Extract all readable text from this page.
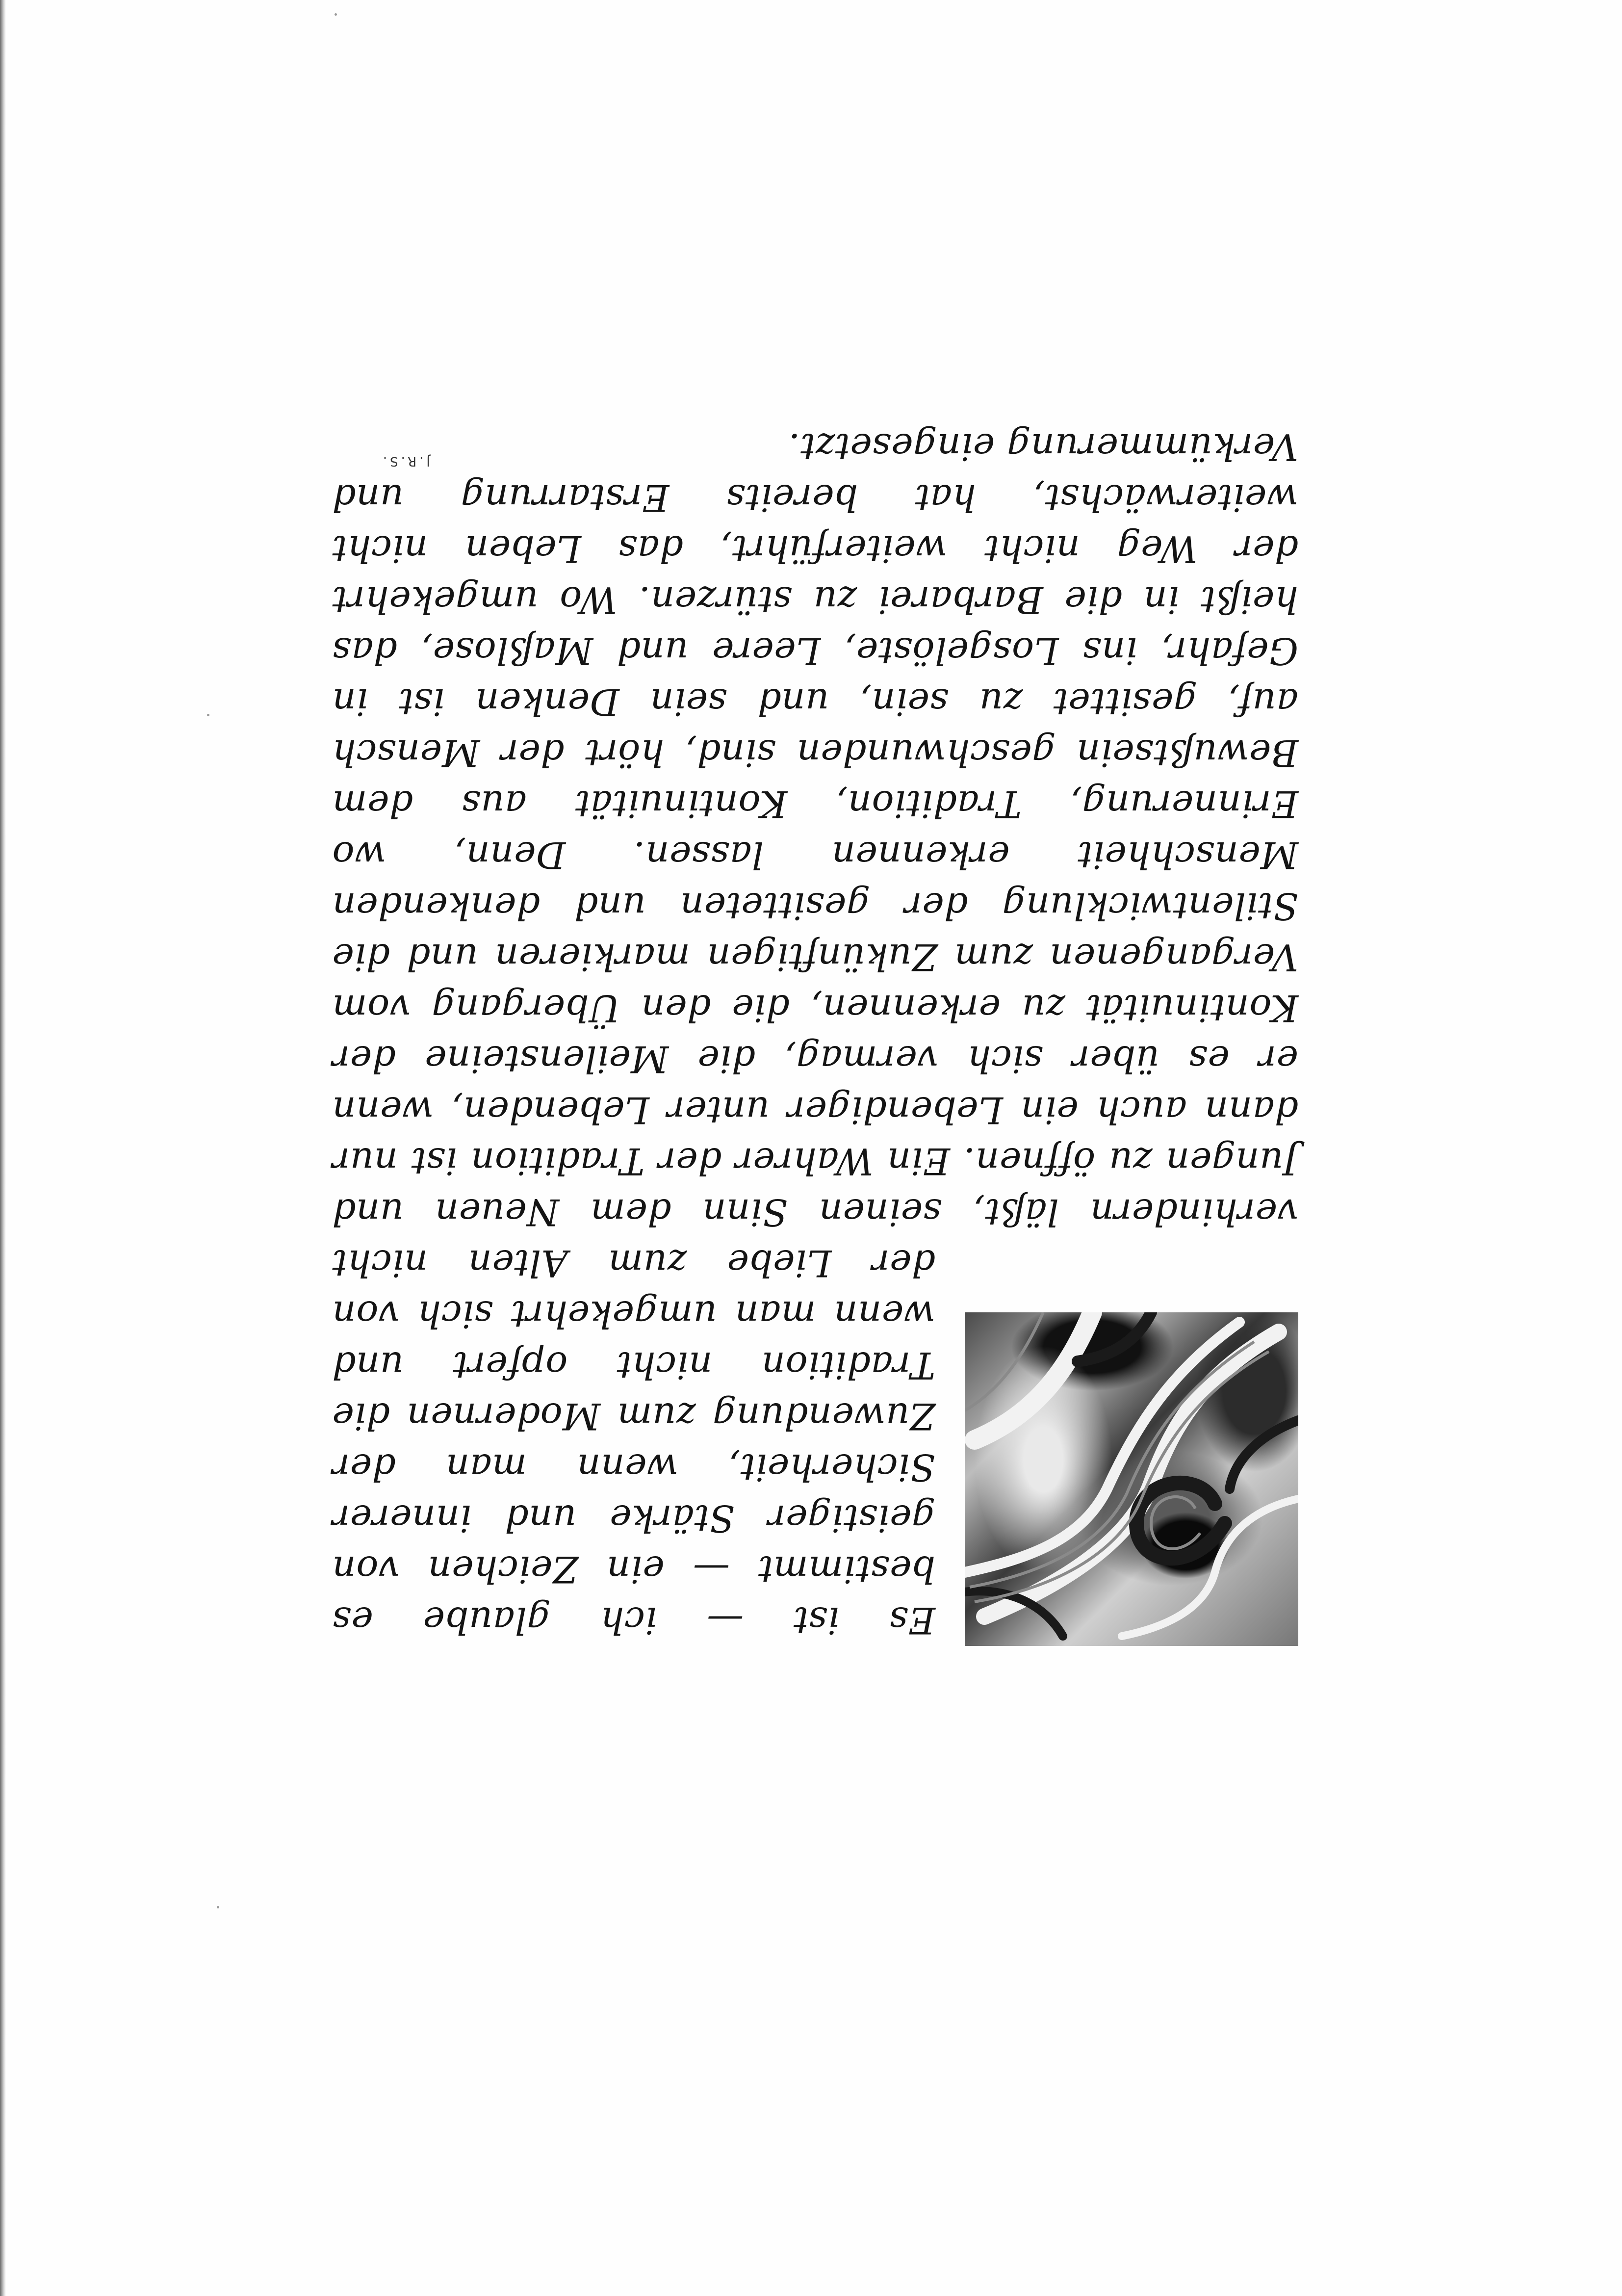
Es ist — ich glaube es bestimmt — ein Zeichen von geistiger Stärke und innerer Sicherheit, wenn man der Zuwendung zum Modernen die Tradition nicht opfert und wenn man umgekehrt sich von der Liebe zum Alten nicht verhindern läßt, seinen Sinn dem Neuen und Jungen zu öffnen. Ein Wahrer der Tradition ist nur dann auch ein Lebendiger unter Lebenden, wenn er es über sich vermag, die Meilensteine der Kontinuität zu erkennen, die den Übergang vom Vergangenen zum Zukünftigen markieren und die Stilentwicklung der gesitteten und denkenden Menschheit erkennen lassen. Denn, wo Erinnerung, Tradition, Kontinuität aus dem Bewußtsein geschwunden sind, hört der Mensch auf, gesittet zu sein, und sein Denken ist in Gefahr, ins Losgelöste, Leere und Maßlose, das heißt in die Barbarei zu stürzen. Wo umgekehrt der Weg nicht weiterführt, das Leben nicht weiterwächst, hat bereits Erstarrung und Verkümmerung eingesetzt.

J.R.S.
